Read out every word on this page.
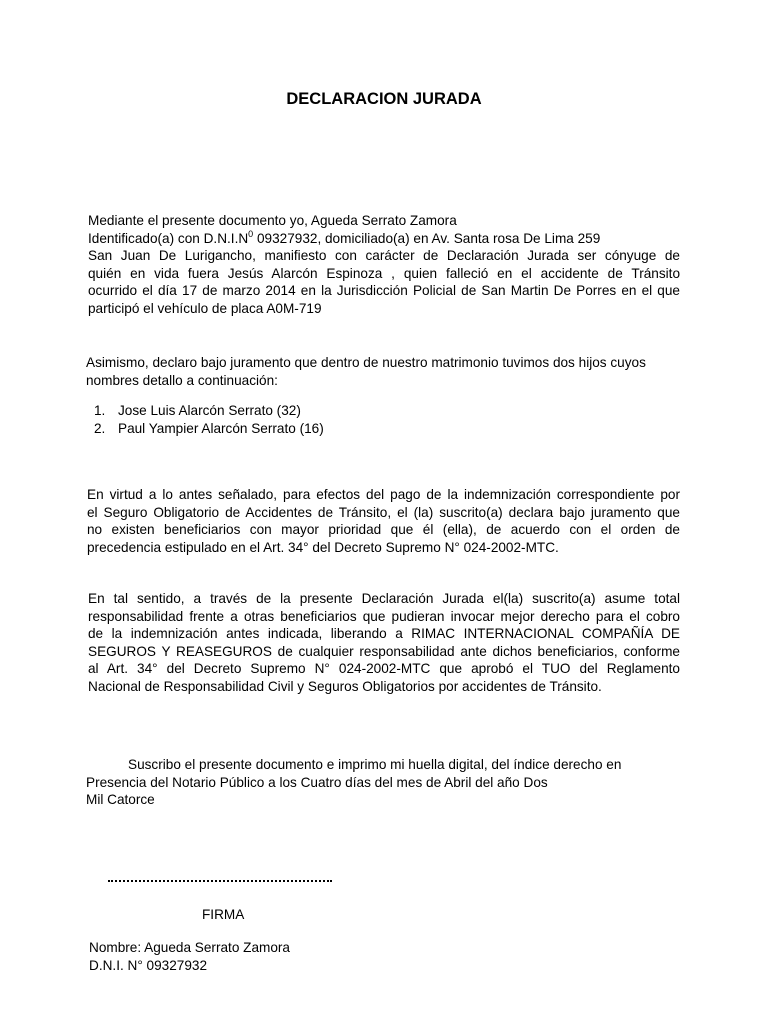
DECLARACION JURADA
Mediante el presente documento yo, Agueda Serrato Zamora
Identificado(a) con $D.N.I.N^0$ 09327932, domiciliado(a) en Av. Santa rosa De Lima 259
San Juan De Lurigancho, manifiesto con carácter de Declaración Jurada ser cónyuge de
quién en vida fuera Jesús Alarcón Espinoza , quien falleció en el accidente de Tránsito
ocurrido el día 17 de marzo 2014 en la Jurisdicción Policial de San Martin De Porres en el que
participó el vehículo de placa A0M-719
Asimismo, declaro bajo juramento que dentro de nuestro matrimonio tuvimos dos hijos cuyos
nombres detallo a continuación:
1. Jose Luis Alarcón Serrato (32)
2. Paul Yampier Alarcón Serrato (16)
En virtud a lo antes señalado, para efectos del pago de la indemnización correspondiente por
el Seguro Obligatorio de Accidentes de Tránsito, el (la) suscrito(a) declara bajo juramento que
no existen beneficiarios con mayor prioridad que él (ella), de acuerdo con el orden de
precedencia estipulado en el Art. 34° del Decreto Supremo N° 024-2002-MTC.
En tal sentido, a través de la presente Declaración Jurada el(la) suscrito(a) asume total
responsabilidad frente a otras beneficiarios que pudieran invocar mejor derecho para el cobro
de la indemnización antes indicada, liberando a RIMAC INTERNACIONAL COMPAÑÍA DE
SEGUROS Y REASEGUROS de cualquier responsabilidad ante dichos beneficiarios, conforme
al Art. 34° del Decreto Supremo N° 024-2002-MTC que aprobó el TUO del Reglamento
Nacional de Responsabilidad Civil y Seguros Obligatorios por accidentes de Tránsito.
Suscribo el presente documento e imprimo mi huella digital, del índice derecho en
Presencia del Notario Público a los Cuatro días del mes de Abril del año Dos
Mil Catorce
FIRMA
Nombre: Agueda Serrato Zamora
D.N.I. N° 09327932
